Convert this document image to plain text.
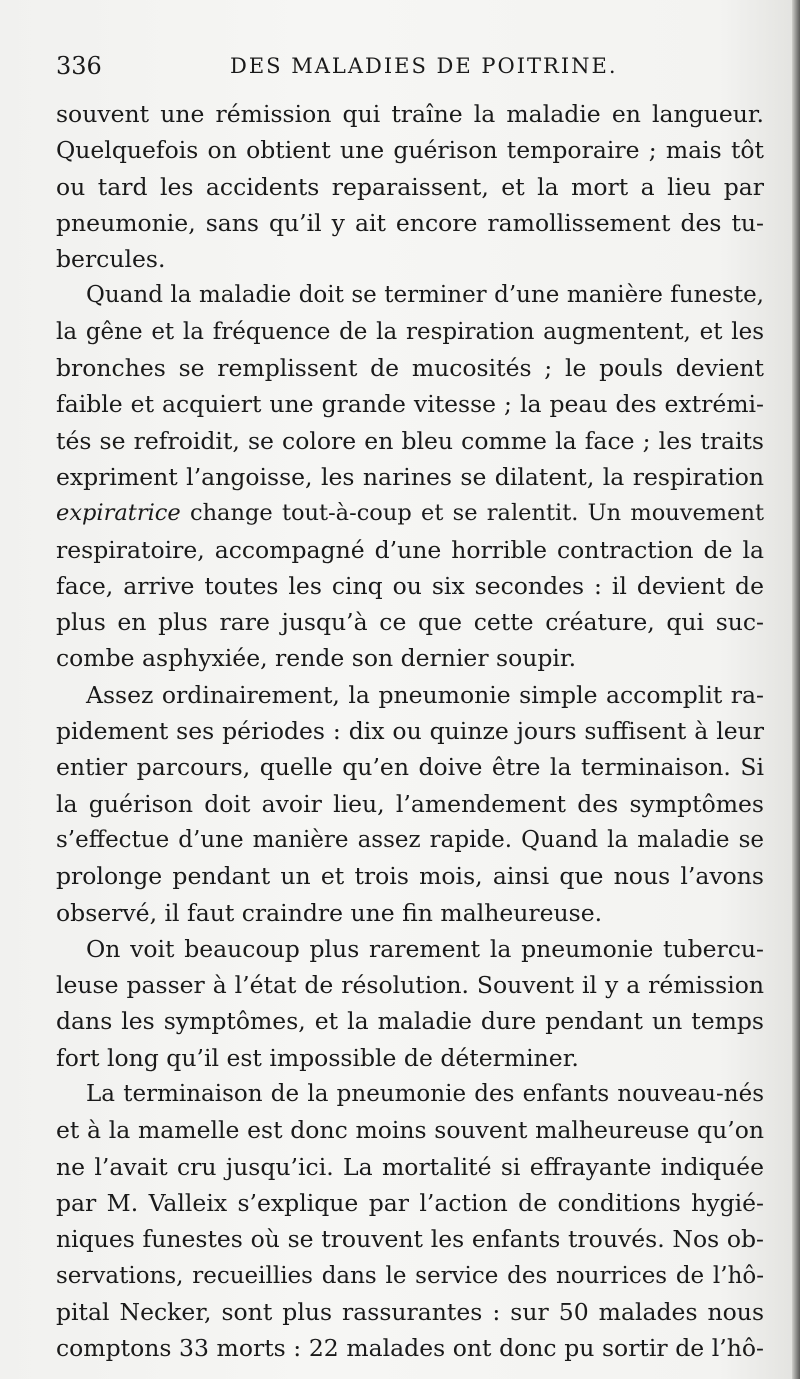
336	DES MALADIES DE POITRINE.
souvent une rémission qui traîne la maladie en langueur.
Quelquefois on obtient une guérison temporaire ; mais tôt
ou tard les accidents reparaissent, et la mort a lieu par
pneumonie, sans qu’il y ait encore ramollissement des tu-
bercules.
Quand la maladie doit se terminer d’une manière funeste,
la gêne et la fréquence de la respiration augmentent, et les
bronches se remplissent de mucosités ; le pouls devient
faible et acquiert une grande vitesse ; la peau des extrémi-
tés se refroidit, se colore en bleu comme la face ; les traits
expriment l’angoisse, les narines se dilatent, la respiration
expiratrice change tout-à-coup et se ralentit. Un mouvement
respiratoire, accompagné d’une horrible contraction de la
face, arrive toutes les cinq ou six secondes : il devient de
plus en plus rare jusqu’à ce que cette créature, qui suc-
combe asphyxiée, rende son dernier soupir.
Assez ordinairement, la pneumonie simple accomplit ra-
pidement ses périodes : dix ou quinze jours suffisent à leur
entier parcours, quelle qu’en doive être la terminaison. Si
la guérison doit avoir lieu, l’amendement des symptômes
s’effectue d’une manière assez rapide. Quand la maladie se
prolonge pendant un et trois mois, ainsi que nous l’avons
observé, il faut craindre une fin malheureuse.
On voit beaucoup plus rarement la pneumonie tubercu-
leuse passer à l’état de résolution. Souvent il y a rémission
dans les symptômes, et la maladie dure pendant un temps
fort long qu’il est impossible de déterminer.
La terminaison de la pneumonie des enfants nouveau-nés
et à la mamelle est donc moins souvent malheureuse qu’on
ne l’avait cru jusqu’ici. La mortalité si effrayante indiquée
par M. Valleix s’explique par l’action de conditions hygié-
niques funestes où se trouvent les enfants trouvés. Nos ob-
servations, recueillies dans le service des nourrices de l’hô-
pital Necker, sont plus rassurantes : sur 50 malades nous
comptons 33 morts : 22 malades ont donc pu sortir de l’hô-
